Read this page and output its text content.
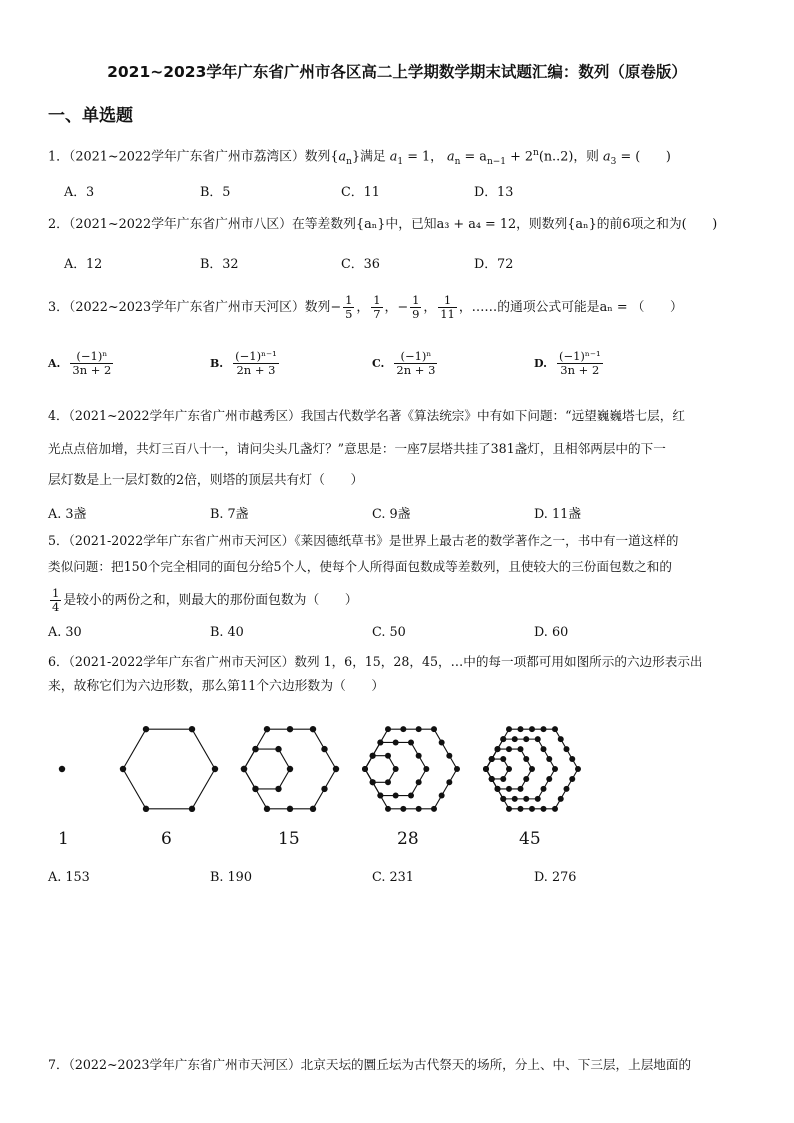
2021~2023学年广东省广州市各区高二上学期数学期末试题汇编：数列（原卷版）
一、单选题
1．（2021~2022学年广东省广州市荔湾区）数列$\{a_n\}$满足 $a_1 = 1$， $a_n = a_{n-1} + 2^n(n..2)$，则 $a_3$ = (　　)
A．3	B．5	C．11	D．13
2．（2021~2022学年广东省广州市八区）在等差数列{aₙ}中，已知a₃ + a₄ = 12，则数列{aₙ}的前6项之和为(　　)
A．12	B．32	C．36	D．72
3．（2022~2023学年广东省广州市天河区）数列− $\frac{1}{5}$ ， $\frac{1}{7}$ ，− $\frac{1}{9}$ ， $\frac{1}{11}$ ，……的通项公式可能是aₙ = （　　）
A. $\frac{\text{(−1)ⁿ}}{3n + 2}$	B. $\frac{\text{(−1)ⁿ⁻¹}}{2n + 3}$	C. $\frac{\text{(−1)ⁿ}}{2n + 3}$	D. $\frac{\text{(−1)ⁿ⁻¹}}{3n + 2}$
4．（2021~2022学年广东省广州市越秀区）我国古代数学名著《算法统宗》中有如下问题：“远望巍巍塔七层，红
光点点倍加增，共灯三百八十一，请问尖头几盏灯？”意思是：一座7层塔共挂了381盏灯，且相邻两层中的下一
层灯数是上一层灯数的2倍，则塔的顶层共有灯（　　）
A. 3盏	B. 7盏	C. 9盏	D. 11盏
5．（2021-2022学年广东省广州市天河区）《莱因德纸草书》是世界上最古老的数学著作之一，书中有一道这样的
类似问题：把150个完全相同的面包分给5个人，使每个人所得面包数成等差数列，且使较大的三份面包数之和的
$\frac{1}{4}$ 是较小的两份之和，则最大的那份面包数为（　　）
A. 30	B. 40	C. 50	D. 60
6．（2021-2022学年广东省广州市天河区）数列 1，6，15，28，45，…中的每一项都可用如图所示的六边形表示出
来，故称它们为六边形数，那么第11个六边形数为（　　）
1	6	15	28	45
A. 153	B. 190	C. 231	D. 276
7．（2022~2023学年广东省广州市天河区）北京天坛的圜丘坛为古代祭天的场所，分上、中、下三层，上层地面的
